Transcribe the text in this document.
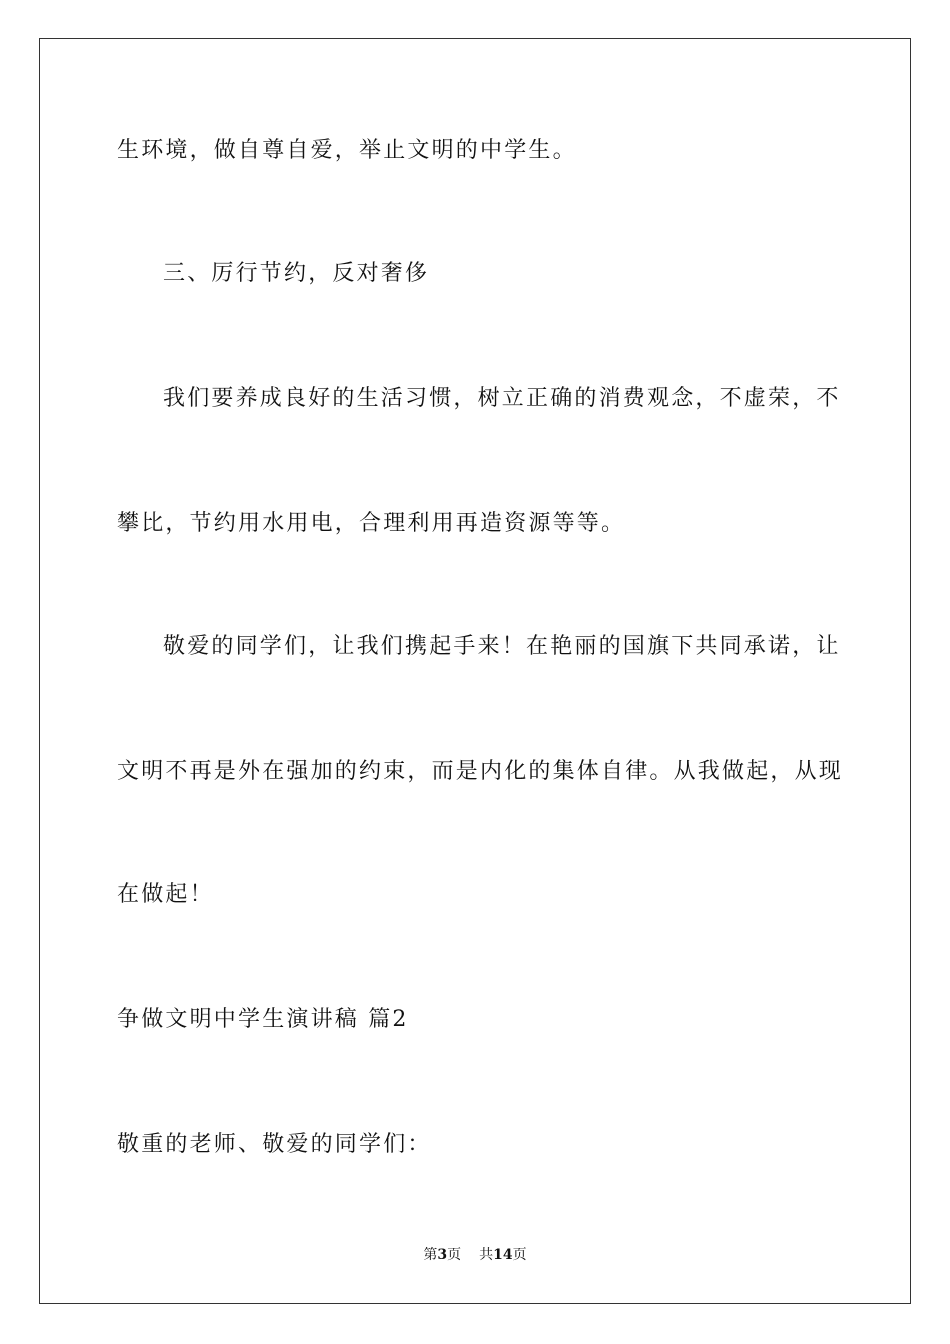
生环境，做自尊自爱，举止文明的中学生。
三、厉行节约，反对奢侈
我们要养成良好的生活习惯，树立正确的消费观念，不虚荣，不
攀比，节约用水用电，合理利用再造资源等等。
敬爱的同学们，让我们携起手来！在艳丽的国旗下共同承诺，让
文明不再是外在强加的约束，而是内化的集体自律。从我做起，从现
在做起！
争做文明中学生演讲稿 篇2
敬重的老师、敬爱的同学们：
第3页 共14页
